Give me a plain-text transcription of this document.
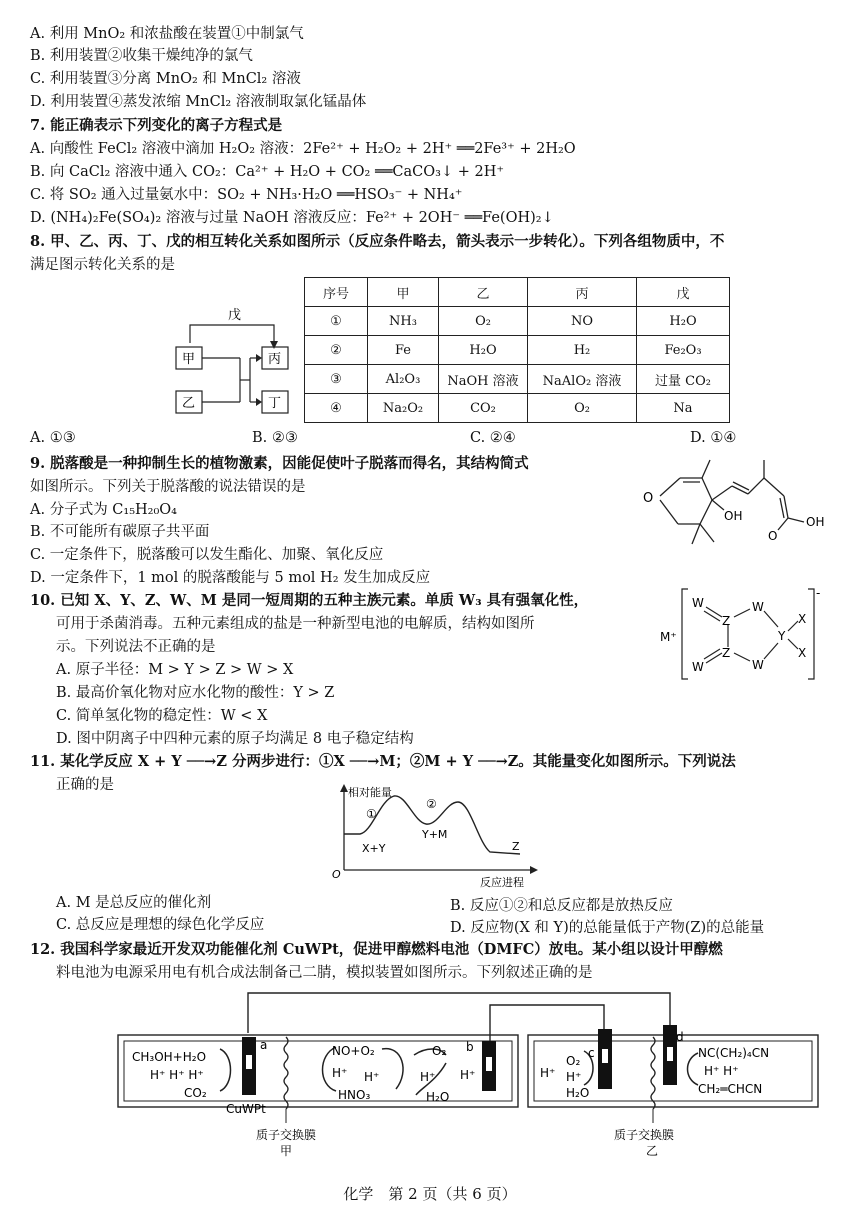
A. 利用 MnO₂ 和浓盐酸在装置①中制氯气
B. 利用装置②收集干燥纯净的氯气
C. 利用装置③分离 MnO₂ 和 MnCl₂ 溶液
D. 利用装置④蒸发浓缩 MnCl₂ 溶液制取氯化锰晶体
7. 能正确表示下列变化的离子方程式是
A. 向酸性 FeCl₂ 溶液中滴加 H₂O₂ 溶液：2Fe²⁺ + H₂O₂ + 2H⁺ ══2Fe³⁺ + 2H₂O
B. 向 CaCl₂ 溶液中通入 CO₂：Ca²⁺ + H₂O + CO₂ ══CaCO₃↓ + 2H⁺
C. 将 SO₂ 通入过量氨水中：SO₂ + NH₃·H₂O ══HSO₃⁻ + NH₄⁺
D. (NH₄)₂Fe(SO₄)₂ 溶液与过量 NaOH 溶液反应：Fe²⁺ + 2OH⁻ ══Fe(OH)₂↓
8. 甲、乙、丙、丁、戊的相互转化关系如图所示（反应条件略去，箭头表示一步转化）。下列各组物质中，不
满足图示转化关系的是
戊
甲	丙
乙	丁
序号	甲	乙	丙	戊
①	NH₃	O₂	NO	H₂O
②	Fe	H₂O	H₂	Fe₂O₃
③	Al₂O₃	NaOH 溶液	NaAlO₂ 溶液	过量 CO₂
④	Na₂O₂	CO₂	O₂	Na
A. ①③	B. ②③	C. ②④	D. ①④
9. 脱落酸是一种抑制生长的植物激素，因能促使叶子脱落而得名，其结构简式
如图所示。下列关于脱落酸的说法错误的是
A. 分子式为 C₁₅H₂₀O₄
B. 不可能所有碳原子共平面
C. 一定条件下，脱落酸可以发生酯化、加聚、氧化反应
D. 一定条件下，1 mol 的脱落酸能与 5 mol H₂ 发生加成反应
O
OH
O
OH
10. 已知 X、Y、Z、W、M 是同一短周期的五种主族元素。单质 W₃ 具有强氧化性，
可用于杀菌消毒。五种元素组成的盐是一种新型电池的电解质，结构如图所
示。下列说法不正确的是
A. 原子半径：M > Y > Z > W > X
B. 最高价氧化物对应水化物的酸性：Y > Z
C. 简单氢化物的稳定性：W < X
D. 图中阴离子中四种元素的原子均满足 8 电子稳定结构
M⁺
-
W
Z
W
Y
X
X
Z
W
W
11. 某化学反应 X + Y ──→Z 分两步进行：①X ──→M；②M + Y ──→Z。其能量变化如图所示。下列说法
正确的是	相对能量
O
①
②
X+Y
Y+M
Z
反应进程
A. M 是总反应的催化剂	B. 反应①②和总反应都是放热反应
C. 总反应是理想的绿色化学反应	D. 反应物(X 和 Y)的总能量低于产物(Z)的总能量
12. 我国科学家最近开发双功能催化剂 CuWPt，促进甲醇燃料电池（DMFC）放电。某小组以设计甲醇燃
料电池为电源采用电有机合成法制备己二腈，模拟装置如图所示。下列叙述正确的是
CH₃OH+H₂O
H⁺ H⁺ H⁺
CO₂
a
CuWPt
NO+O₂
H⁺ H⁺
HNO₃
O₂
H⁺
H₂O
b
H⁺	H⁺
O₂
H⁺
H₂O
c
d
NC(CH₂)₄CN
H⁺ H⁺
CH₂═CHCN
质子交换膜
甲
质子交换膜
乙
化学　第 2 页（共 6 页）
